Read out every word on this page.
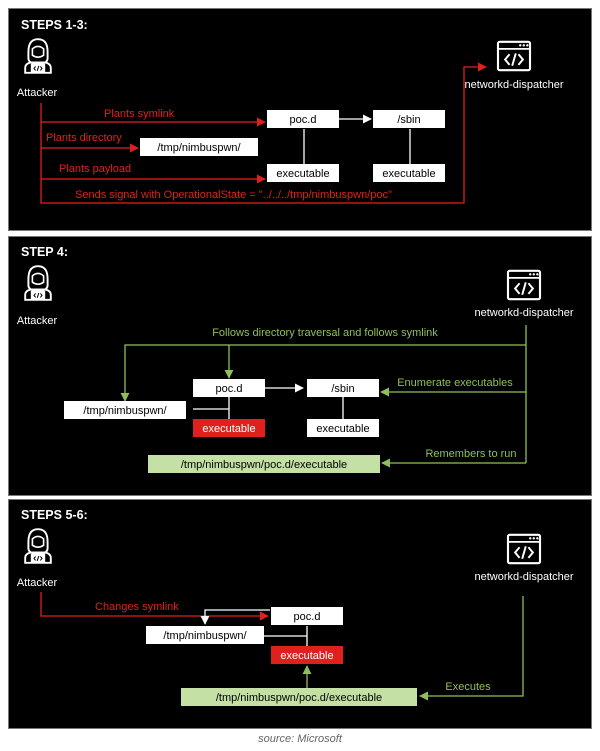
STEPS 1-3:
Attacker
networkd-dispatcher
Plants symlink
Plants directory
Plants payload
Sends signal with OperationalState = "../../../tmp/nimbuspwn/poc"
poc.d	/sbin
/tmp/nimbuspwn/
executable	executable
STEP 4:
Attacker
networkd-dispatcher
Follows directory traversal and follows symlink
Enumerate executables
Remembers to run
poc.d	/sbin
/tmp/nimbuspwn/
executable	executable
/tmp/nimbuspwn/poc.d/executable
STEPS 5-6:
Attacker	networkd-dispatcher
Changes symlink
Executes
poc.d
/tmp/nimbuspwn/
executable
/tmp/nimbuspwn/poc.d/executable
source: Microsoft
